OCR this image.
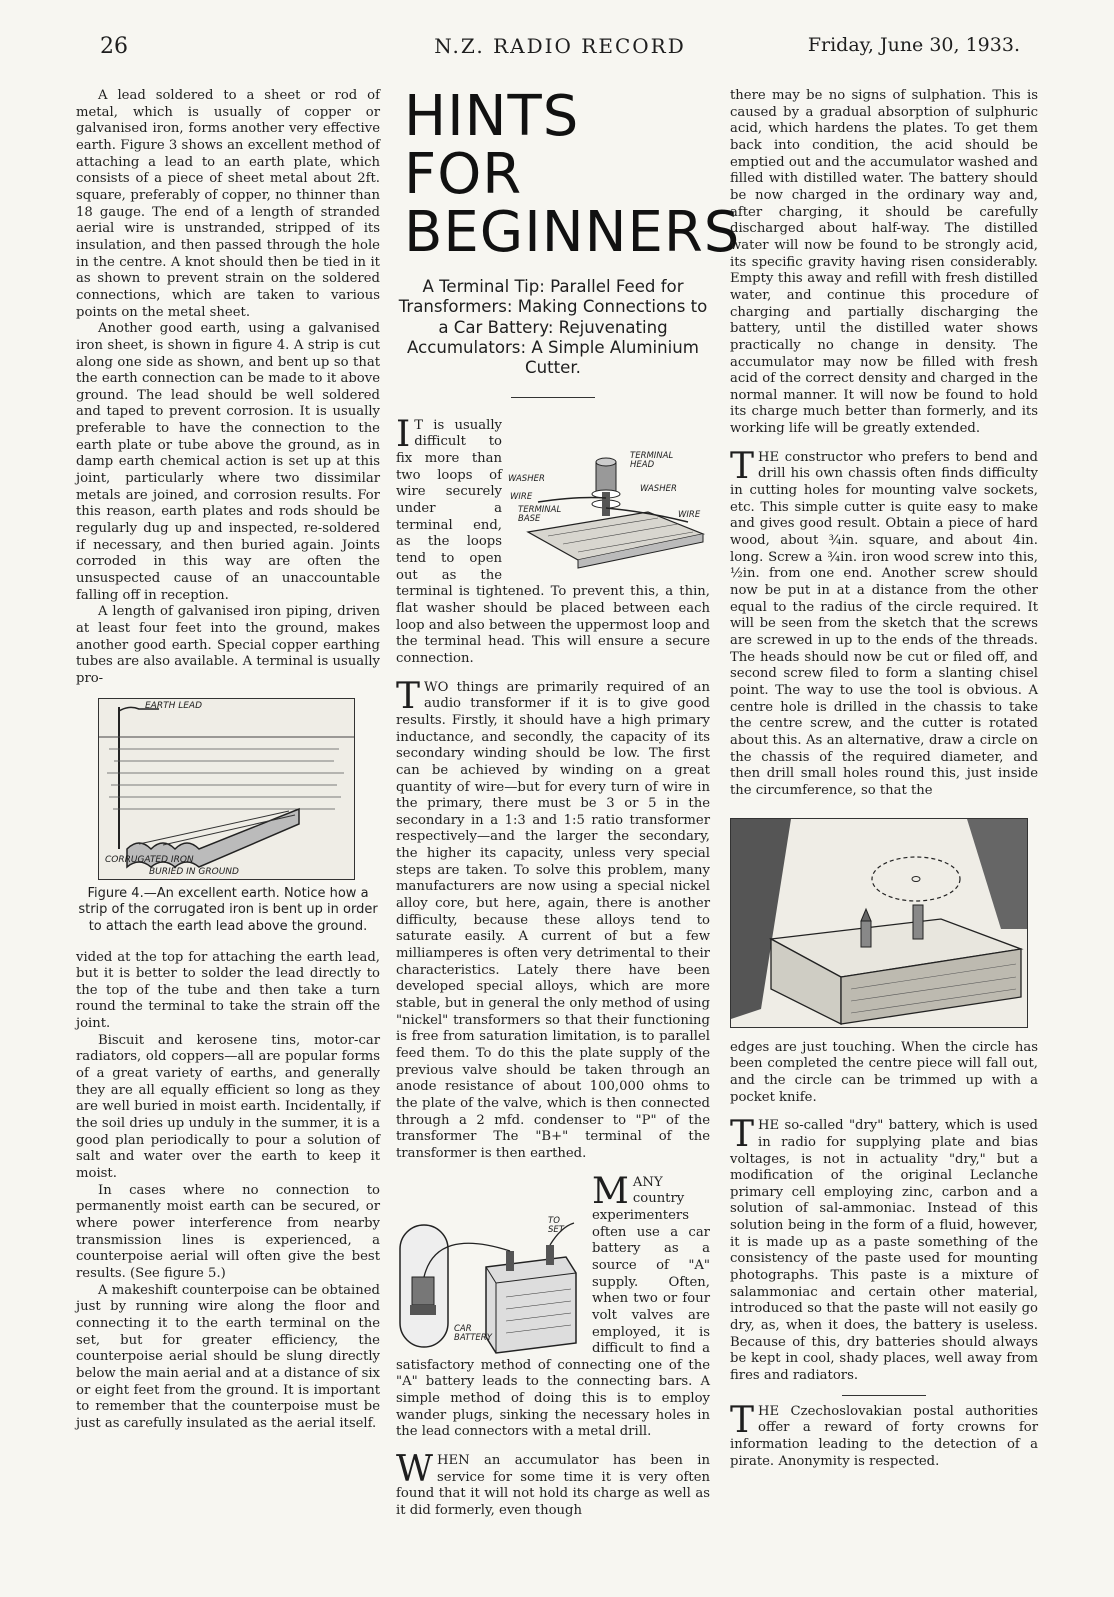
26	N.Z. RADIO RECORD	Friday, June 30, 1933.

A lead soldered to a sheet or rod of metal, which is usually of copper or galvanised iron, forms another very effective earth. Figure 3 shows an excellent method of attaching a lead to an earth plate, which consists of a piece of sheet metal about 2ft. square, preferably of copper, no thinner than 18 gauge. The end of a length of stranded aerial wire is unstranded, stripped of its insulation, and then passed through the hole in the centre. A knot should then be tied in it as shown to prevent strain on the soldered connections, which are taken to various points on the metal sheet.

Another good earth, using a galvanised iron sheet, is shown in figure 4. A strip is cut along one side as shown, and bent up so that the earth connection can be made to it above ground. The lead should be well soldered and taped to prevent corrosion. It is usually preferable to have the connection to the earth plate or tube above the ground, as in damp earth chemical action is set up at this joint, particularly where two dissimilar metals are joined, and corrosion results. For this reason, earth plates and rods should be regularly dug up and inspected, re-soldered if necessary, and then buried again. Joints corroded in this way are often the unsuspected cause of an unaccountable falling off in reception.

A length of galvanised iron piping, driven at least four feet into the ground, makes another good earth. Special copper earthing tubes are also available. A terminal is usually pro-

EARTH LEAD
CORRUGATED IRON
BURIED IN GROUND
Figure 4.—An excellent earth. Notice how a strip of the corrugated iron is bent up in order to attach the earth lead above the ground.

vided at the top for attaching the earth lead, but it is better to solder the lead directly to the top of the tube and then take a turn round the terminal to take the strain off the joint.

Biscuit and kerosene tins, motor-car radiators, old coppers—all are popular forms of a great variety of earths, and generally they are all equally efficient so long as they are well buried in moist earth. Incidentally, if the soil dries up unduly in the summer, it is a good plan periodically to pour a solution of salt and water over the earth to keep it moist.

In cases where no connection to permanently moist earth can be secured, or where power interference from nearby transmission lines is experienced, a counterpoise aerial will often give the best results. (See figure 5.)

A makeshift counterpoise can be obtained just by running wire along the floor and connecting it to the earth terminal on the set, but for greater efficiency, the counterpoise aerial should be slung directly below the main aerial and at a distance of six or eight feet from the ground. It is important to remember that the counterpoise must be just as carefully insulated as the aerial itself.

HINTS FOR
BEGINNERS
A Terminal Tip: Parallel Feed for Transformers: Making Connections to a Car Battery: Rejuvenating Accumulators: A Simple Aluminium Cutter.
TERMINAL HEAD
WASHER
WASHER
WIRE
WIRE
TERMINAL BASE
I T is usually difficult to fix more than two loops of wire securely under a terminal end, as the loops tend to open out as the terminal is tightened. To prevent this, a thin, flat washer should be placed between each loop and also between the uppermost loop and the terminal head. This will ensure a secure connection.

T WO things are primarily required of an audio transformer if it is to give good results. Firstly, it should have a high primary inductance, and secondly, the capacity of its secondary winding should be low. The first can be achieved by winding on a great quantity of wire—but for every turn of wire in the primary, there must be 3 or 5 in the secondary in a 1:3 and 1:5 ratio transformer respectively—and the larger the secondary, the higher its capacity, unless very special steps are taken. To solve this problem, many manufacturers are now using a special nickel alloy core, but here, again, there is another difficulty, because these alloys tend to saturate easily. A current of but a few milliamperes is often very detrimental to their characteristics. Lately there have been developed special alloys, which are more stable, but in general the only method of using "nickel" transformers so that their functioning is free from saturation limitation, is to parallel feed them. To do this the plate supply of the previous valve should be taken through an anode resistance of about 100,000 ohms to the plate of the valve, which is then connected through a 2 mfd. condenser to "P" of the transformer The "B+" terminal of the transformer is then earthed.

TO SET
CAR BATTERY
M ANY country experimenters often use a car battery as a source of "A" supply. Often, when two or four volt valves are employed, it is difficult to find a satisfactory method of connecting one of the "A" battery leads to the connecting bars. A simple method of doing this is to employ wander plugs, sinking the necessary holes in the lead connectors with a metal drill.

W HEN an accumulator has been in service for some time it is very often found that it will not hold its charge as well as it did formerly, even though

there may be no signs of sulphation. This is caused by a gradual absorption of sulphuric acid, which hardens the plates. To get them back into condition, the acid should be emptied out and the accumulator washed and filled with distilled water. The battery should be now charged in the ordinary way and, after charging, it should be carefully discharged about half-way. The distilled water will now be found to be strongly acid, its specific gravity having risen considerably. Empty this away and refill with fresh distilled water, and continue this procedure of charging and partially discharging the battery, until the distilled water shows practically no change in density. The accumulator may now be filled with fresh acid of the correct density and charged in the normal manner. It will now be found to hold its charge much better than formerly, and its working life will be greatly extended.

T HE constructor who prefers to bend and drill his own chassis often finds difficulty in cutting holes for mounting valve sockets, etc. This simple cutter is quite easy to make and gives good result. Obtain a piece of hard wood, about ¾in. square, and about 4in. long. Screw a ¾in. iron wood screw into this, ½in. from one end. Another screw should now be put in at a distance from the other equal to the radius of the circle required. It will be seen from the sketch that the screws are screwed in up to the ends of the threads. The heads should now be cut or filed off, and second screw filed to form a slanting chisel point. The way to use the tool is obvious. A centre hole is drilled in the chassis to take the centre screw, and the cutter is rotated about this. As an alternative, draw a circle on the chassis of the required diameter, and then drill small holes round this, just inside the circumference, so that the

edges are just touching. When the circle has been completed the centre piece will fall out, and the circle can be trimmed up with a pocket knife.

T HE so-called "dry" battery, which is used in radio for supplying plate and bias voltages, is not in actuality "dry," but a modification of the original Leclanche primary cell employing zinc, carbon and a solution of sal-ammoniac. Instead of this solution being in the form of a fluid, however, it is made up as a paste something of the consistency of the paste used for mounting photographs. This paste is a mixture of salammoniac and certain other material, introduced so that the paste will not easily go dry, as, when it does, the battery is useless. Because of this, dry batteries should always be kept in cool, shady places, well away from fires and radiators.

T HE Czechoslovakian postal authorities offer a reward of forty crowns for information leading to the detection of a pirate. Anonymity is respected.
